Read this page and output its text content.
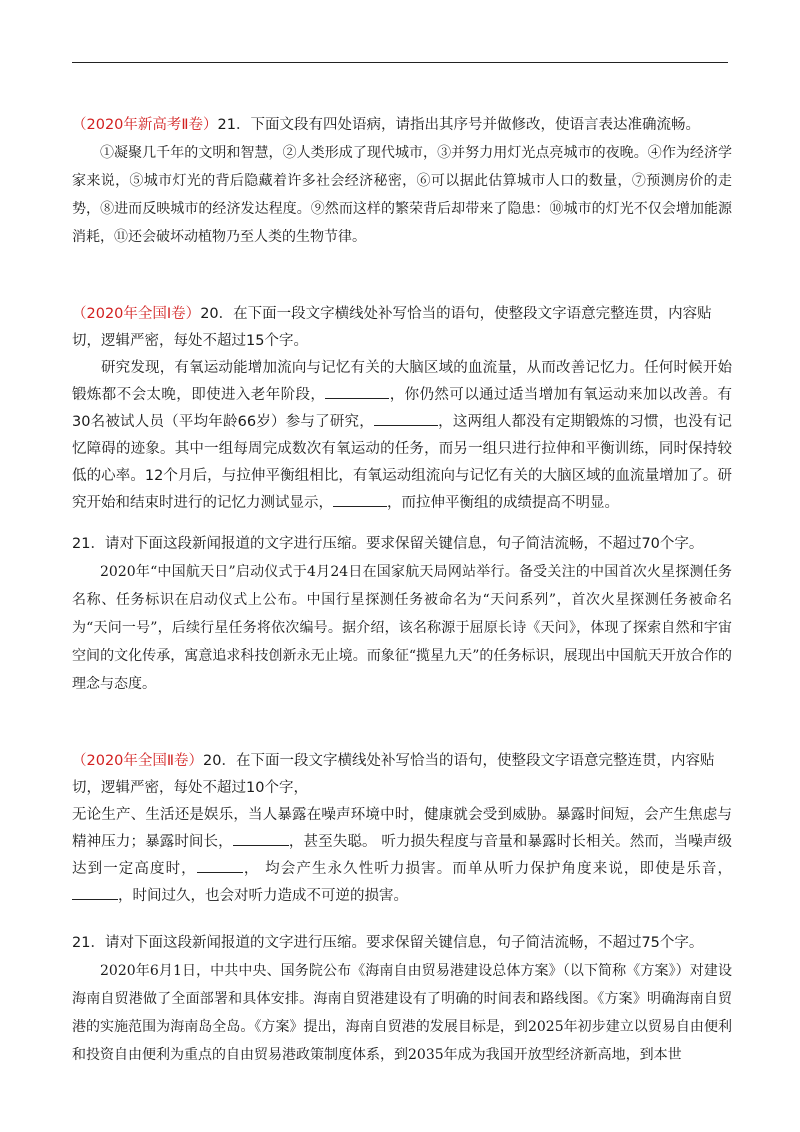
（2020年新高考Ⅱ卷）21．下面文段有四处语病，请指出其序号并做修改，使语言表达准确流畅。

①凝聚几千年的文明和智慧，②人类形成了现代城市，③并努力用灯光点亮城市的夜晚。④作为经济学家来说，⑤城市灯光的背后隐藏着许多社会经济秘密，⑥可以据此估算城市人口的数量，⑦预测房价的走势，⑧进而反映城市的经济发达程度。⑨然而这样的繁荣背后却带来了隐患：⑩城市的灯光不仅会增加能源消耗，⑪还会破坏动植物乃至人类的生物节律。

（2020年全国Ⅰ卷）20．在下面一段文字横线处补写恰当的语句，使整段文字语意完整连贯，内容贴切，逻辑严密，每处不超过15个字。

研究发现，有氧运动能增加流向与记忆有关的大脑区域的血流量，从而改善记忆力。任何时候开始锻炼都不会太晚，即使进入老年阶段，	，你仍然可以通过适当增加有氧运动来加以改善。有30名被试人员（平均年龄66岁）参与了研究，	，这两组人都没有定期锻炼的习惯，也没有记忆障碍的迹象。其中一组每周完成数次有氧运动的任务，而另一组只进行拉伸和平衡训练，同时保持较低的心率。12个月后，与拉伸平衡组相比，有氧运动组流向与记忆有关的大脑区域的血流量增加了。研究开始和结束时进行的记忆力测试显示，	，而拉伸平衡组的成绩提高不明显。

21．请对下面这段新闻报道的文字进行压缩。要求保留关键信息，句子简洁流畅，不超过70个字。

2020年“中国航天日”启动仪式于4月24日在国家航天局网站举行。备受关注的中国首次火星探测任务名称、任务标识在启动仪式上公布。中国行星探测任务被命名为“天问系列”，首次火星探测任务被命名为“天问一号”，后续行星任务将依次编号。据介绍，该名称源于屈原长诗《天问》，体现了探索自然和宇宙空间的文化传承，寓意追求科技创新永无止境。而象征“揽星九天”的任务标识，展现出中国航天开放合作的理念与态度。

（2020年全国Ⅱ卷）20．在下面一段文字横线处补写恰当的语句，使整段文字语意完整连贯，内容贴切，逻辑严密，每处不超过10个字，

无论生产、生活还是娱乐，当人暴露在噪声环境中时，健康就会受到威胁。暴露时间短，会产生焦虑与精神压力；暴露时间长，	，甚至失聪。 听力损失程度与音量和暴露时长相关。然而，当噪声级达到一定高度时，	， 均会产生永久性听力损害。而单从听力保护角度来说，即使是乐音，，时间过久，也会对听力造成不可逆的损害。

21．请对下面这段新闻报道的文字进行压缩。要求保留关键信息，句子简洁流畅，不超过75个字。

2020年6月1日，中共中央、国务院公布《海南自由贸易港建设总体方案》（以下简称《方案》）对建设海南自贸港做了全面部署和具体安排。海南自贸港建设有了明确的时间表和路线图。《方案》明确海南自贸港的实施范围为海南岛全岛。《方案》提出，海南自贸港的发展目标是，到2025年初步建立以贸易自由便利和投资自由便利为重点的自由贸易港政策制度体系，到2035年成为我国开放型经济新高地，到本世
